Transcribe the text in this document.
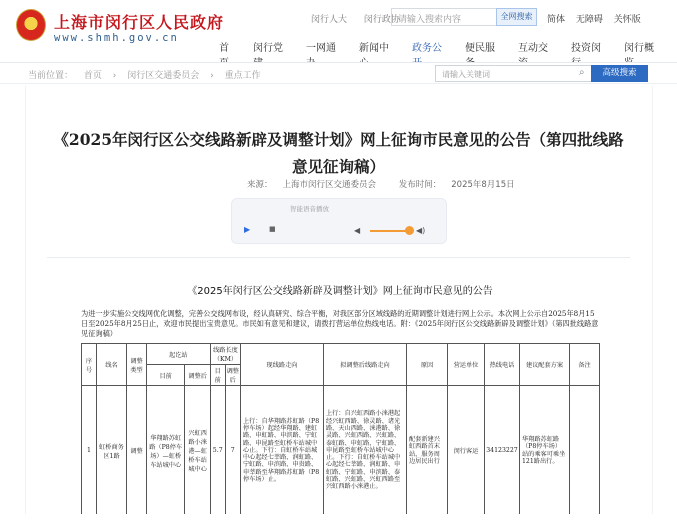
上海市闵行区人民政府
www.shmh.gov.cn
闵行人大 闵行政协
请输入搜索内容	全网搜索	简体 无障碍 关怀版
首	闵行党	一网通	新闻中	政务公	便民服	互动交	投资闵	闵行概
当前位置： 首页 › 闵行区交通委员会 › 重点工作	请输入关键词	⌕	高级搜索
《2025年闵行区公交线路新辟及调整计划》网上征询市民意见的公告（第四批线路意见征询稿）
来源： 上海市闵行区交通委员会	发布时间： 2025年8月15日
智能语音播放
▶	■	◀	◀)
《2025年闵行区公交线路新辟及调整计划》网上征询市民意见的公告
为进一步实施公交线网优化调整，完善公交线网布设，经认真研究、综合平衡，对我区部分区域线路的近期调整计划进行网上公示。本次网上公示自2025年8月15日至2025年8月25日止，欢迎市民提出宝贵意见。市民如有意见和建议，请拨打营运单位热线电话。附：《2025年闵行区公交线路新辟及调整计划》（第四批线路意见征询稿）
序号	线名	调整类型	起讫站		线路长度（KM）		现线路走向	拟调整后线路走向	原因	营运单位	热线电话	建议配套方案	备注
			目前	调整后	目前	调整后							
1	虹桥商务区1路	调整	华翔路苏虹路（P8停车场）—虹桥车站城中心	兴虹西路小涞港—虹桥车站城中心	5.7	7	上行：自华翔路苏虹路（P8停车场）起经华翔路、建虹路、申虹路、申滨路、宁虹路、申昆路至虹桥车站城中心止。下行：自虹桥车站城中心起经七莘路、润虹路、宁虹路、申滨路、申贵路、申莘路至华翔路苏虹路（P8停车场）止。	上行：自兴虹西路小涞港起经兴虹西路、徐灵路、诸光路、天山西路、涞港路、徐灵路、兴虹西路、兴虹路、泰虹路、申虹路、宁虹路、申昆路至虹桥车站城中心止。下行：自虹桥车站城中心起经七莘路、润虹路、申虹路、宁虹路、申滨路、泰虹路、兴虹路、兴虹西路至兴虹西路小涞港止。	配套新建兴虹西路首末站，服务周边居民出行	闵行客运	34123227	华翔路苏虹路（P8停车场）站的乘客可乘坐121路出行。	
